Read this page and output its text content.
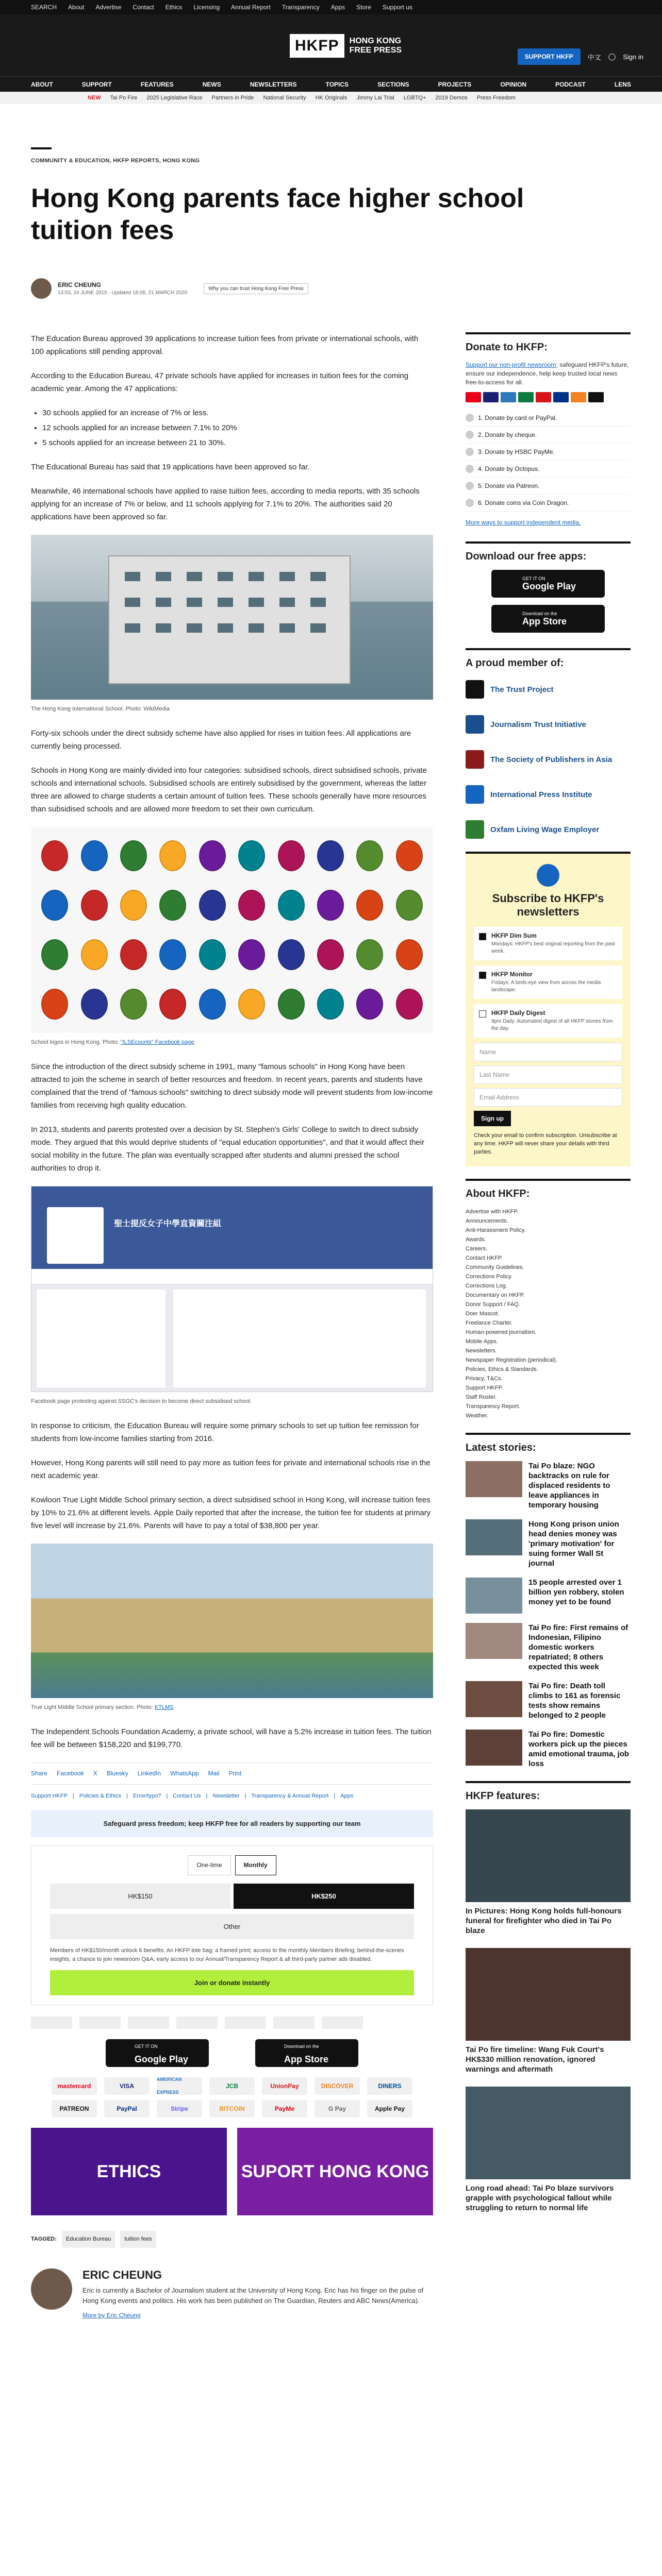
SEARCH About Advertise Contact Ethics Licensing Annual Report Transparency Apps Store Support us
HKFP	HONG KONG
FREE PRESS
SUPPORT HKFP	中文 ◯ Sign in
ABOUT	SUPPORT	FEATURES	NEWS	NEWSLETTERS	TOPICS	SECTIONS	PROJECTS	OPINION	PODCAST	LENS
NEW Tai Po Fire 2025 Legislative Race Partners in Pride National Security HK Originals Jimmy Lai Trial LGBTQ+ 2019 Demos Press Freedom
COMMUNITY & EDUCATION, HKFP REPORTS, HONG KONG
Hong Kong parents face higher school tuition fees
ERIC CHEUNG
13:53, 24 JUNE 2015 · Updated 18:06, 21 MARCH 2020
Why you can trust Hong Kong Free Press

The Education Bureau approved 39 applications to increase tuition fees from private or international schools, with 100 applications still pending approval.

According to the Education Bureau, 47 private schools have applied for increases in tuition fees for the coming academic year. Among the 47 applications:

• 30 schools applied for an increase of 7% or less.
• 12 schools applied for an increase between 7.1% to 20%
• 5 schools applied for an increase between 21 to 30%.

The Educational Bureau has said that 19 applications have been approved so far.

Meanwhile, 46 international schools have applied to raise tuition fees, according to media reports, with 35 schools applying for an increase of 7% or below, and 11 schools applying for 7.1% to 20%. The authorities said 20 applications have been approved so far.

The Hong Kong International School. Photo: WikiMedia

Forty-six schools under the direct subsidy scheme have also applied for rises in tuition fees. All applications are currently being processed.

Schools in Hong Kong are mainly divided into four categories: subsidised schools, direct subsidised schools, private schools and international schools. Subsidised schools are entirely subsidised by the government, whereas the latter three are allowed to charge students a certain amount of tuition fees. These schools generally have more resources than subsidised schools and are allowed more freedom to set their own curriculum.

School logos in Hong Kong. Photo: "ILSEcounts" Facebook page

Since the introduction of the direct subsidy scheme in 1991, many "famous schools" in Hong Kong have been attracted to join the scheme in search of better resources and freedom. In recent years, parents and students have complained that the trend of "famous schools" switching to direct subsidy mode will prevent students from low-income families from receiving high quality education.

In 2013, students and parents protested over a decision by St. Stephen's Girls' College to switch to direct subsidy mode. They argued that this would deprive students of "equal education opportunities", and that it would affect their social mobility in the future. The plan was eventually scrapped after students and alumni pressed the school authorities to drop it.

聖士提反女子中學直資關注組
Facebook page protesting against SSGC's decision to become direct subsidised school.

In response to criticism, the Education Bureau will require some primary schools to set up tuition fee remission for students from low-income families starting from 2016.

However, Hong Kong parents will still need to pay more as tuition fees for private and international schools rise in the next academic year.

Kowloon True Light Middle School primary section, a direct subsidised school in Hong Kong, will increase tuition fees by 10% to 21.6% at different levels. Apple Daily reported that after the increase, the tuition fee for students at primary five level will increase by 21.6%. Parents will have to pay a total of $38,800 per year.

True Light Middle School primary section. Photo: KTLMS

The Independent Schools Foundation Academy, a private school, will have a 5.2% increase in tuition fees. The tuition fee will be between $158,220 and $199,770.

Share Facebook X Bluesky LinkedIn WhatsApp Mail Print
Support HKFP | Policies & Ethics | Error/typo? | Contact Us | Newsletter | Transparency & Annual Report | Apps
Safeguard press freedom; keep HKFP free for all readers by supporting our team
One-time	Monthly
HK$150	HK$250
Other
Members of HK$150/month unlock 6 benefits: An HKFP tote bag; a framed print; access to the monthly Members Briefing; behind-the-scenes insights; a chance to join newsroom Q&A; early access to our Annual/Transparency Report & all third-party partner ads disabled.
Join or donate instantly
GET IT ON
Google Play
Download on the
App Store
mastercard	VISA
AMERICAN EXPRESS
JCB	UnionPay	DISCOVER	DINERS
PATREON	PayPal	Stripe	BITCOIN	PayMe	G Pay	Apple Pay
ETHICS	SUPORT HONG KONG
TAGGED:	Education Bureau	tuition fees
ERIC CHEUNG
Eric is currently a Bachelor of Journalism student at the University of Hong Kong. Eric has his finger on the pulse of Hong Kong events and politics. His work has been published on The Guardian, Reuters and ABC News(America).
More by Eric Cheung
Donate to HKFP:
Support our non-profit newsroom; safeguard HKFP's future, ensure our independence, help keep trusted local news free-to-access for all.
1. Donate by card or PayPal.
2. Donate by cheque.
3. Donate by HSBC PayMe.
4. Donate by Octopus.
5. Donate via Patreon.
6. Donate coins via Coin Dragon.
More ways to support independent media.
Download our free apps:
GET IT ON
Google Play
Download on the
App Store
A proud member of:
The Trust Project
Journalism Trust Initiative
The Society of Publishers in Asia
International Press Institute
Oxfam Living Wage Employer
Subscribe to HKFP's newsletters
HKFP Dim Sum
Mondays: HKFP's best original reporting from the past week.
HKFP Monitor
Fridays: A birds-eye view from across the media landscape.
HKFP Daily Digest
9pm Daily: Automated digest of all HKFP stories from the day.
Name
Last Name
Email Address
Sign up
Check your email to confirm subscription. Unsubscribe at any time. HKFP will never share your details with third parties.
About HKFP:
Advertise with HKFP.
Announcements.
Anti-Harassment Policy.
Awards.
Careers.
Contact HKFP.
Community Guidelines.
Corrections Policy.
Corrections Log.
Documentary on HKFP.
Donor Support / FAQ.
Doer Mascot.
Freelance Charter.
Human-powered journalism.
Mobile Apps.
Newsletters.
Newspaper Registration (periodical).
Policies, Ethics & Standards.
Privacy, T&Cs.
Support HKFP.
Staff Roster.
Transparency Report.
Weather.
Latest stories:
Tai Po blaze: NGO backtracks on rule for displaced residents to leave appliances in temporary housing
Hong Kong prison union head denies money was 'primary motivation' for suing former Wall St journal
15 people arrested over 1 billion yen robbery, stolen money yet to be found
Tai Po fire: First remains of Indonesian, Filipino domestic workers repatriated; 8 others expected this week
Tai Po fire: Death toll climbs to 161 as forensic tests show remains belonged to 2 people
Tai Po fire: Domestic workers pick up the pieces amid emotional trauma, job loss
HKFP features:
In Pictures: Hong Kong holds full-honours funeral for firefighter who died in Tai Po blaze
Tai Po fire timeline: Wang Fuk Court's HK$330 million renovation, ignored warnings and aftermath
Long road ahead: Tai Po blaze survivors grapple with psychological fallout while struggling to return to normal life
